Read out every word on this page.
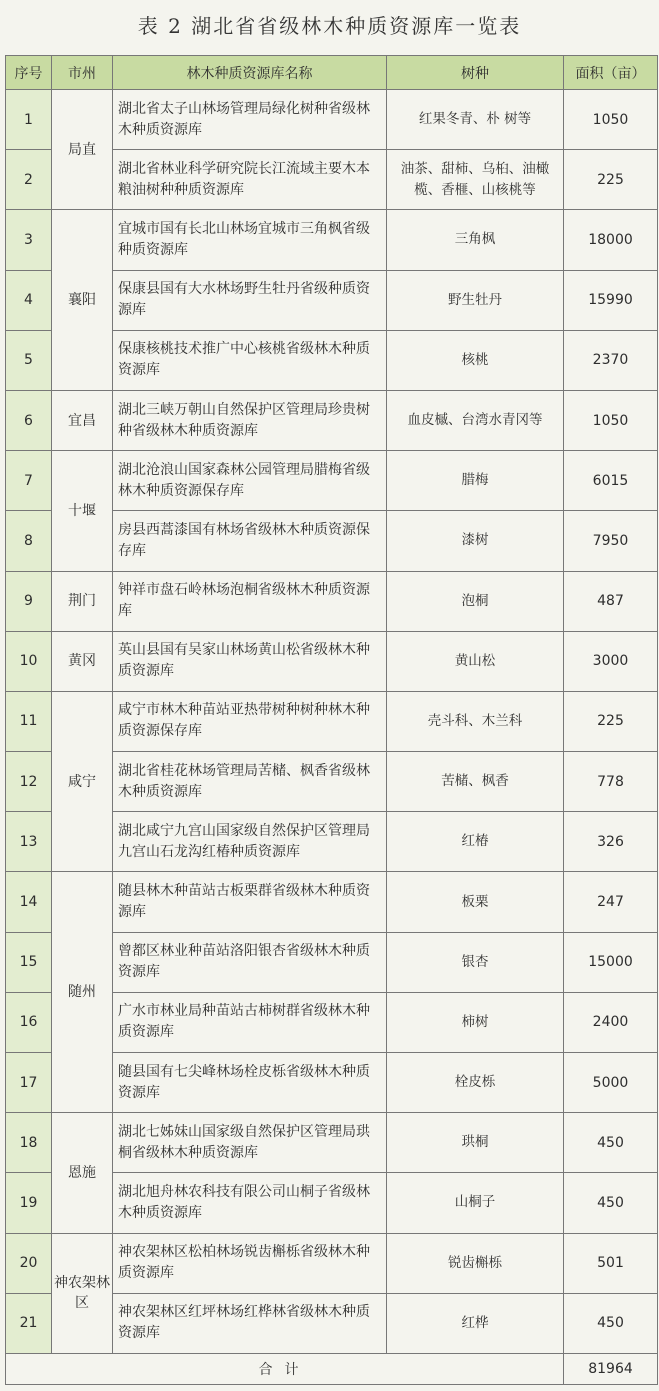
表 2 湖北省省级林木种质资源库一览表
序号	市州	林木种质资源库名称	树种	面积（亩）
1	局直	湖北省太子山林场管理局绿化树种省级林木种质资源库	红果冬青、朴 树等	1050
2		湖北省林业科学研究院长江流域主要木本粮油树种种质资源库	油茶、甜柿、乌桕、油橄榄、香榧、山核桃等	225
3	襄阳	宜城市国有长北山林场宜城市三角枫省级种质资源库	三角枫	18000
4		保康县国有大水林场野生牡丹省级种质资源库	野生牡丹	15990
5		保康核桃技术推广中心核桃省级林木种质资源库	核桃	2370
6	宜昌	湖北三峡万朝山自然保护区管理局珍贵树种省级林木种质资源库	血皮槭、台湾水青冈等	1050
7	十堰	湖北沧浪山国家森林公园管理局腊梅省级林木种质资源保存库	腊梅	6015
8		房县西蒿漆国有林场省级林木种质资源保存库	漆树	7950
9	荆门	钟祥市盘石岭林场泡桐省级林木种质资源库	泡桐	487
10	黄冈	英山县国有吴家山林场黄山松省级林木种质资源库	黄山松	3000
11	咸宁	咸宁市林木种苗站亚热带树种树种林木种质资源保存库	壳斗科、木兰科	225
12		湖北省桂花林场管理局苦槠、枫香省级林木种质资源库	苦槠、枫香	778
13		湖北咸宁九宫山国家级自然保护区管理局九宫山石龙沟红椿种质资源库	红椿	326
14	随州	随县林木种苗站古板栗群省级林木种质资源库	板栗	247
15		曾都区林业种苗站洛阳银杏省级林木种质资源库	银杏	15000
16		广水市林业局种苗站古柿树群省级林木种质资源库	柿树	2400
17		随县国有七尖峰林场栓皮栎省级林木种质资源库	栓皮栎	5000
18	恩施	湖北七姊妹山国家级自然保护区管理局珙桐省级林木种质资源库	珙桐	450
19		湖北旭舟林农科技有限公司山桐子省级林木种质资源库	山桐子	450
20	神农架林区	神农架林区松柏林场锐齿槲栎省级林木种质资源库	锐齿槲栎	501
21		神农架林区红坪林场红桦林省级林木种质资源库	红桦	450
合计				81964
